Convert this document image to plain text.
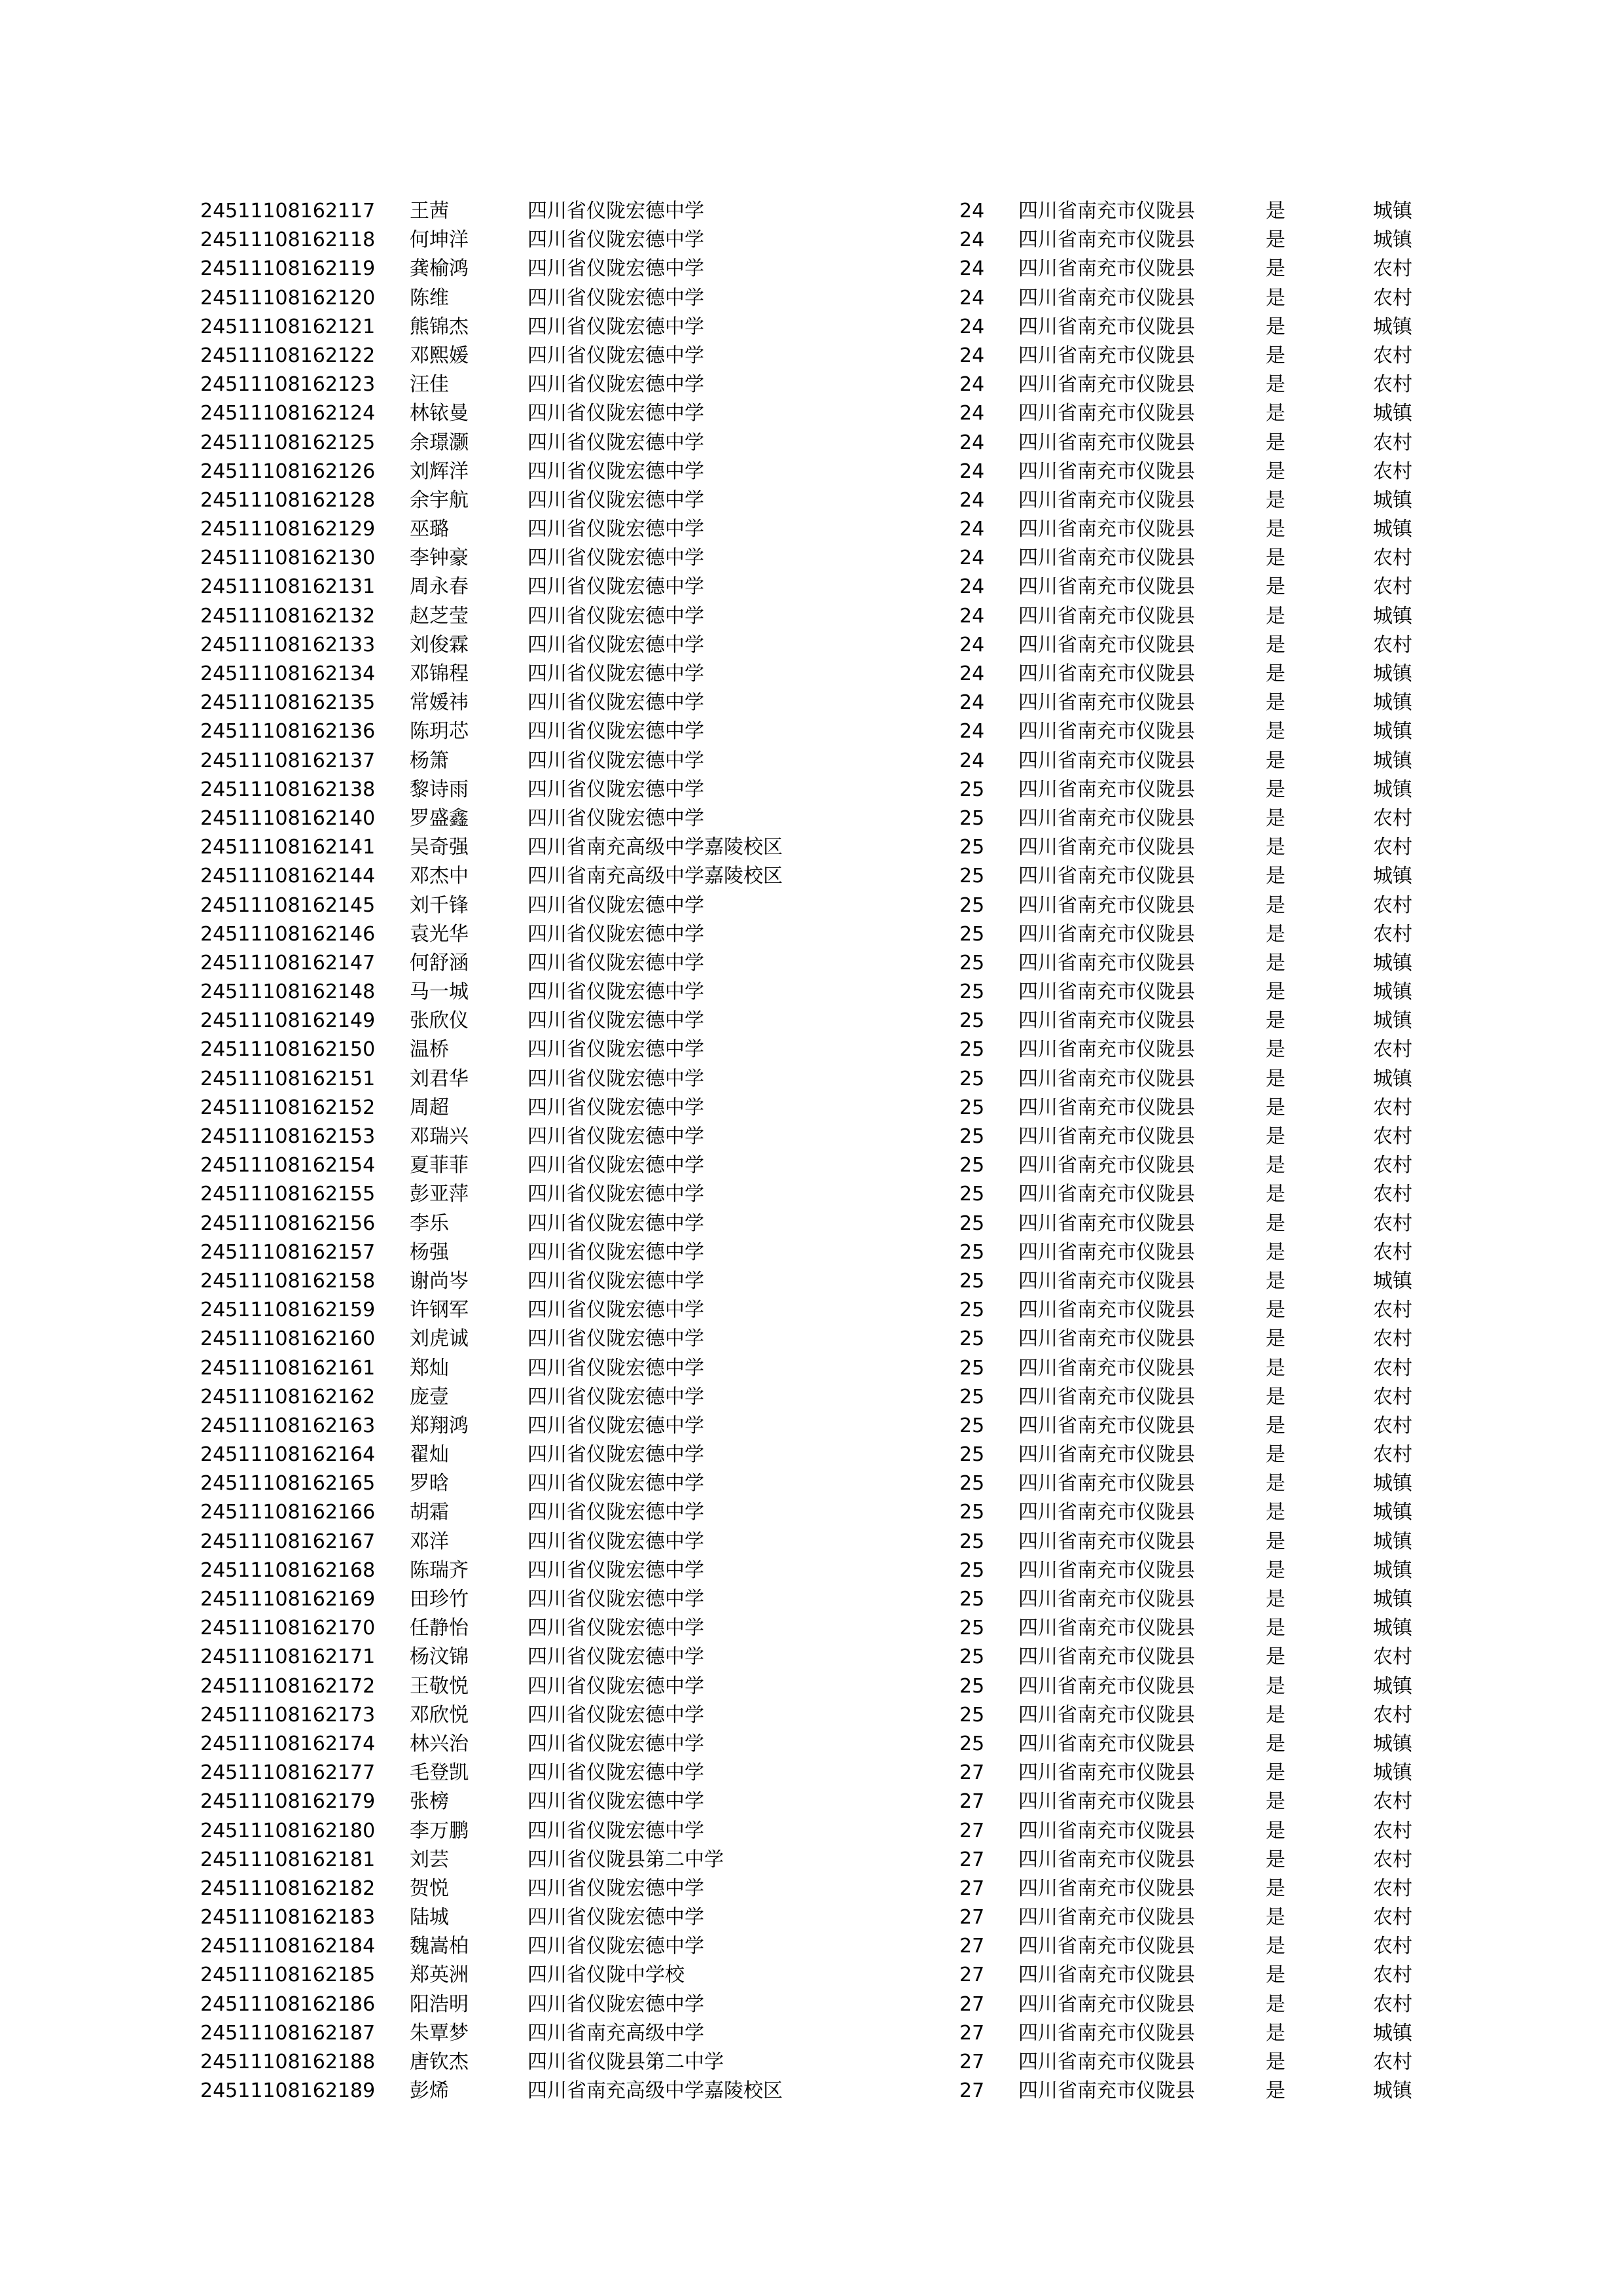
24511108162117 王茜	四川省仪陇宏德中学	24 四川省南充市仪陇县	是	城镇
24511108162118 何坤洋	四川省仪陇宏德中学	24 四川省南充市仪陇县	是	城镇
24511108162119 龚榆鸿	四川省仪陇宏德中学	24 四川省南充市仪陇县	是	农村
24511108162120 陈维	四川省仪陇宏德中学	24 四川省南充市仪陇县	是	农村
24511108162121 熊锦杰	四川省仪陇宏德中学	24 四川省南充市仪陇县	是	城镇
24511108162122 邓熙媛	四川省仪陇宏德中学	24 四川省南充市仪陇县	是	农村
24511108162123 汪佳	四川省仪陇宏德中学	24 四川省南充市仪陇县	是	农村
24511108162124 林铱曼	四川省仪陇宏德中学	24 四川省南充市仪陇县	是	城镇
24511108162125 余璟灏	四川省仪陇宏德中学	24 四川省南充市仪陇县	是	农村
24511108162126 刘辉洋	四川省仪陇宏德中学	24 四川省南充市仪陇县	是	农村
24511108162128 余宇航	四川省仪陇宏德中学	24 四川省南充市仪陇县	是	城镇
24511108162129 巫璐	四川省仪陇宏德中学	24 四川省南充市仪陇县	是	城镇
24511108162130 李钟豪	四川省仪陇宏德中学	24 四川省南充市仪陇县	是	农村
24511108162131 周永春	四川省仪陇宏德中学	24 四川省南充市仪陇县	是	农村
24511108162132 赵芝莹	四川省仪陇宏德中学	24 四川省南充市仪陇县	是	城镇
24511108162133 刘俊霖	四川省仪陇宏德中学	24 四川省南充市仪陇县	是	农村
24511108162134 邓锦程	四川省仪陇宏德中学	24 四川省南充市仪陇县	是	城镇
24511108162135 常媛祎	四川省仪陇宏德中学	24 四川省南充市仪陇县	是	城镇
24511108162136 陈玥芯	四川省仪陇宏德中学	24 四川省南充市仪陇县	是	城镇
24511108162137 杨箫	四川省仪陇宏德中学	24 四川省南充市仪陇县	是	城镇
24511108162138 黎诗雨	四川省仪陇宏德中学	25 四川省南充市仪陇县	是	城镇
24511108162140 罗盛鑫	四川省仪陇宏德中学	25 四川省南充市仪陇县	是	农村
24511108162141 吴奇强	四川省南充高级中学嘉陵校区	25 四川省南充市仪陇县	是	农村
24511108162144 邓杰中	四川省南充高级中学嘉陵校区	25 四川省南充市仪陇县	是	城镇
24511108162145 刘千锋	四川省仪陇宏德中学	25 四川省南充市仪陇县	是	农村
24511108162146 袁光华	四川省仪陇宏德中学	25 四川省南充市仪陇县	是	农村
24511108162147 何舒涵	四川省仪陇宏德中学	25 四川省南充市仪陇县	是	城镇
24511108162148 马一城	四川省仪陇宏德中学	25 四川省南充市仪陇县	是	城镇
24511108162149 张欣仪	四川省仪陇宏德中学	25 四川省南充市仪陇县	是	城镇
24511108162150 温桥	四川省仪陇宏德中学	25 四川省南充市仪陇县	是	农村
24511108162151 刘君华	四川省仪陇宏德中学	25 四川省南充市仪陇县	是	城镇
24511108162152 周超	四川省仪陇宏德中学	25 四川省南充市仪陇县	是	农村
24511108162153 邓瑞兴	四川省仪陇宏德中学	25 四川省南充市仪陇县	是	农村
24511108162154 夏菲菲	四川省仪陇宏德中学	25 四川省南充市仪陇县	是	农村
24511108162155 彭亚萍	四川省仪陇宏德中学	25 四川省南充市仪陇县	是	农村
24511108162156 李乐	四川省仪陇宏德中学	25 四川省南充市仪陇县	是	农村
24511108162157 杨强	四川省仪陇宏德中学	25 四川省南充市仪陇县	是	农村
24511108162158 谢尚岑	四川省仪陇宏德中学	25 四川省南充市仪陇县	是	城镇
24511108162159 许钢军	四川省仪陇宏德中学	25 四川省南充市仪陇县	是	农村
24511108162160 刘虎诚	四川省仪陇宏德中学	25 四川省南充市仪陇县	是	农村
24511108162161 郑灿	四川省仪陇宏德中学	25 四川省南充市仪陇县	是	农村
24511108162162 庞壹	四川省仪陇宏德中学	25 四川省南充市仪陇县	是	农村
24511108162163 郑翔鸿	四川省仪陇宏德中学	25 四川省南充市仪陇县	是	农村
24511108162164 翟灿	四川省仪陇宏德中学	25 四川省南充市仪陇县	是	农村
24511108162165 罗晗	四川省仪陇宏德中学	25 四川省南充市仪陇县	是	城镇
24511108162166 胡霜	四川省仪陇宏德中学	25 四川省南充市仪陇县	是	城镇
24511108162167 邓洋	四川省仪陇宏德中学	25 四川省南充市仪陇县	是	城镇
24511108162168 陈瑞齐	四川省仪陇宏德中学	25 四川省南充市仪陇县	是	城镇
24511108162169 田珍竹	四川省仪陇宏德中学	25 四川省南充市仪陇县	是	城镇
24511108162170 任静怡	四川省仪陇宏德中学	25 四川省南充市仪陇县	是	城镇
24511108162171 杨汶锦	四川省仪陇宏德中学	25 四川省南充市仪陇县	是	农村
24511108162172 王敬悦	四川省仪陇宏德中学	25 四川省南充市仪陇县	是	城镇
24511108162173 邓欣悦	四川省仪陇宏德中学	25 四川省南充市仪陇县	是	农村
24511108162174 林兴治	四川省仪陇宏德中学	25 四川省南充市仪陇县	是	城镇
24511108162177 毛登凯	四川省仪陇宏德中学	27 四川省南充市仪陇县	是	城镇
24511108162179 张榜	四川省仪陇宏德中学	27 四川省南充市仪陇县	是	农村
24511108162180 李万鹏	四川省仪陇宏德中学	27 四川省南充市仪陇县	是	农村
24511108162181 刘芸	四川省仪陇县第二中学	27 四川省南充市仪陇县	是	农村
24511108162182 贺悦	四川省仪陇宏德中学	27 四川省南充市仪陇县	是	农村
24511108162183 陆城	四川省仪陇宏德中学	27 四川省南充市仪陇县	是	农村
24511108162184 魏嵩柏	四川省仪陇宏德中学	27 四川省南充市仪陇县	是	农村
24511108162185 郑英洲	四川省仪陇中学校	27 四川省南充市仪陇县	是	农村
24511108162186 阳浩明	四川省仪陇宏德中学	27 四川省南充市仪陇县	是	农村
24511108162187 朱覃梦	四川省南充高级中学	27 四川省南充市仪陇县	是	城镇
24511108162188 唐钦杰	四川省仪陇县第二中学	27 四川省南充市仪陇县	是	农村
24511108162189 彭烯	四川省南充高级中学嘉陵校区	27 四川省南充市仪陇县	是	城镇
